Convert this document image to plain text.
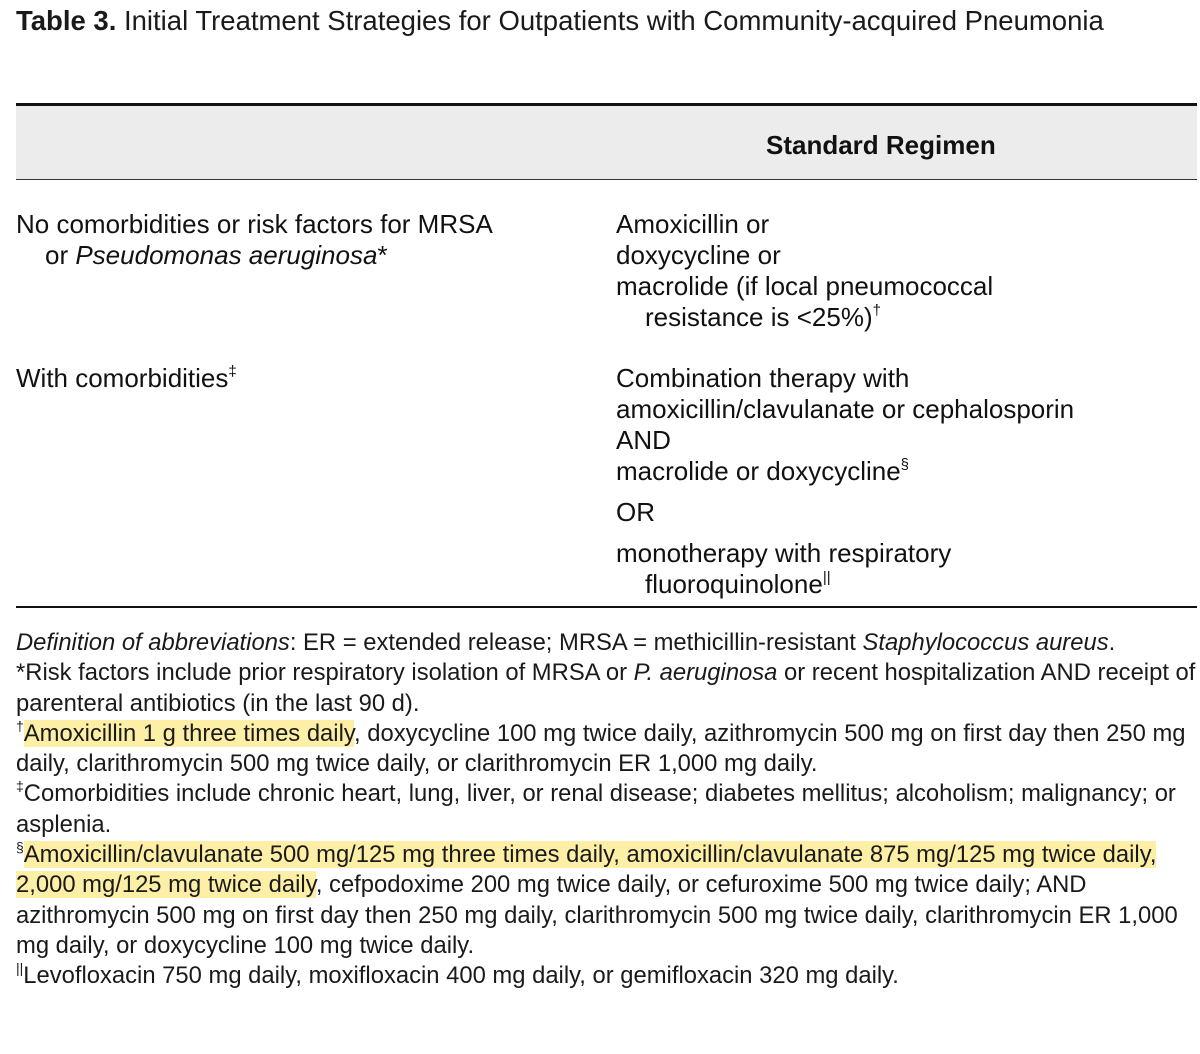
Table 3. Initial Treatment Strategies for Outpatients with Community-acquired Pneumonia
Standard Regimen
No comorbidities or risk factors for MRSA
or Pseudomonas aeruginosa*
Amoxicillin or
doxycycline or
macrolide (if local pneumococcal
resistance is <25%)†
With comorbidities‡	Combination therapy with
amoxicillin/clavulanate or cephalosporin
AND
macrolide or doxycycline§
OR
monotherapy with respiratory
fluoroquinolone||

Definition of abbreviations: ER = extended release; MRSA = methicillin-resistant Staphylococcus aureus.

*Risk factors include prior respiratory isolation of MRSA or P. aeruginosa or recent hospitalization AND receipt of parenteral antibiotics (in the last 90 d).

†Amoxicillin 1 g three times daily, doxycycline 100 mg twice daily, azithromycin 500 mg on first day then 250 mg daily, clarithromycin 500 mg twice daily, or clarithromycin ER 1,000 mg daily.

‡Comorbidities include chronic heart, lung, liver, or renal disease; diabetes mellitus; alcoholism; malignancy; or asplenia.

§Amoxicillin/clavulanate 500 mg/125 mg three times daily, amoxicillin/clavulanate 875 mg/125 mg twice daily, 2,000 mg/125 mg twice daily, cefpodoxime 200 mg twice daily, or cefuroxime 500 mg twice daily; AND azithromycin 500 mg on first day then 250 mg daily, clarithromycin 500 mg twice daily, clarithromycin ER 1,000 mg daily, or doxycycline 100 mg twice daily.

||Levofloxacin 750 mg daily, moxifloxacin 400 mg daily, or gemifloxacin 320 mg daily.
